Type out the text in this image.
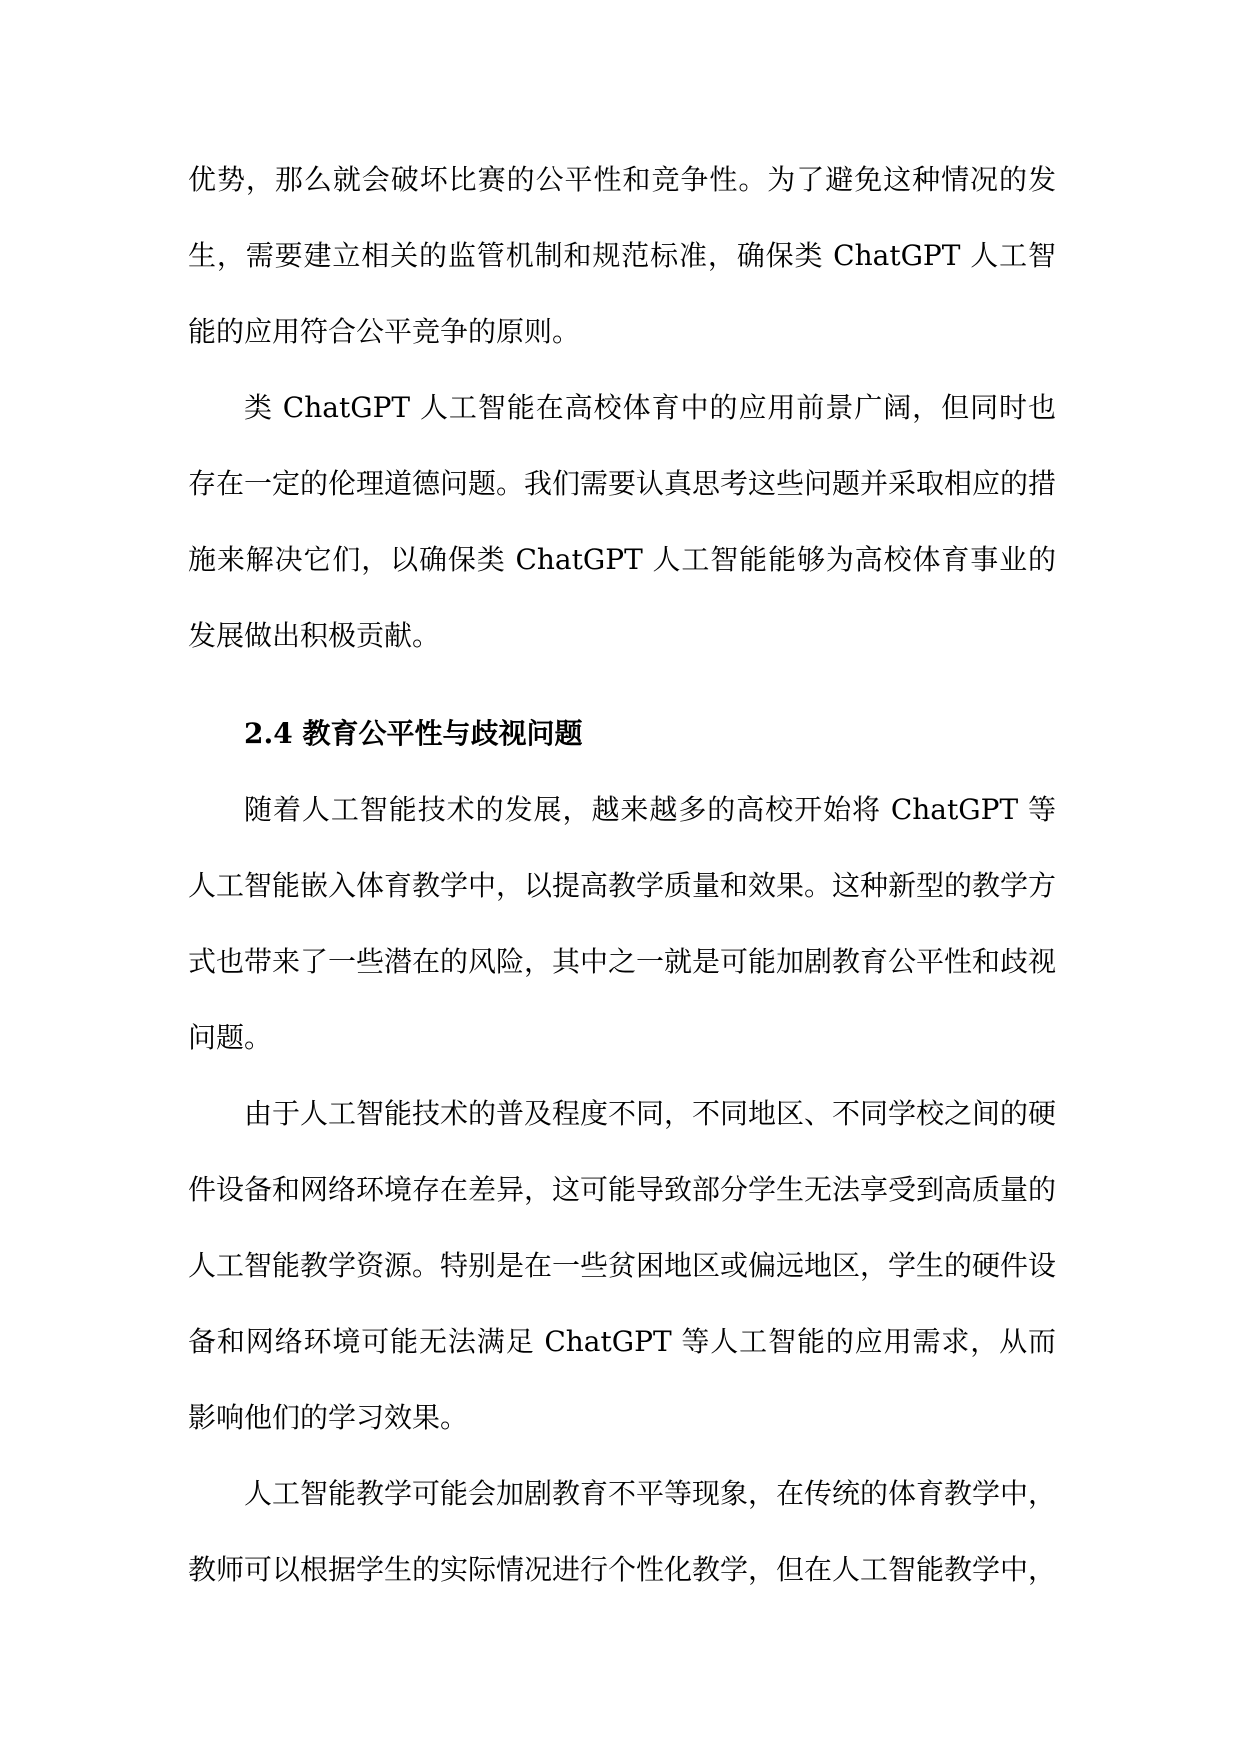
优势，那么就会破坏比赛的公平性和竞争性。为了避免这种情况的发生，需要建立相关的监管机制和规范标准，确保类 ChatGPT 人工智能的应用符合公平竞争的原则。

类 ChatGPT 人工智能在高校体育中的应用前景广阔，但同时也存在一定的伦理道德问题。我们需要认真思考这些问题并采取相应的措施来解决它们，以确保类 ChatGPT 人工智能能够为高校体育事业的发展做出积极贡献。

2.4 教育公平性与歧视问题

随着人工智能技术的发展，越来越多的高校开始将 ChatGPT 等人工智能嵌入体育教学中，以提高教学质量和效果。这种新型的教学方式也带来了一些潜在的风险，其中之一就是可能加剧教育公平性和歧视问题。

由于人工智能技术的普及程度不同，不同地区、不同学校之间的硬件设备和网络环境存在差异，这可能导致部分学生无法享受到高质量的人工智能教学资源。特别是在一些贫困地区或偏远地区，学生的硬件设备和网络环境可能无法满足 ChatGPT 等人工智能的应用需求，从而影响他们的学习效果。

人工智能教学可能会加剧教育不平等现象，在传统的体育教学中，教师可以根据学生的实际情况进行个性化教学，但在人工智能教学中，
